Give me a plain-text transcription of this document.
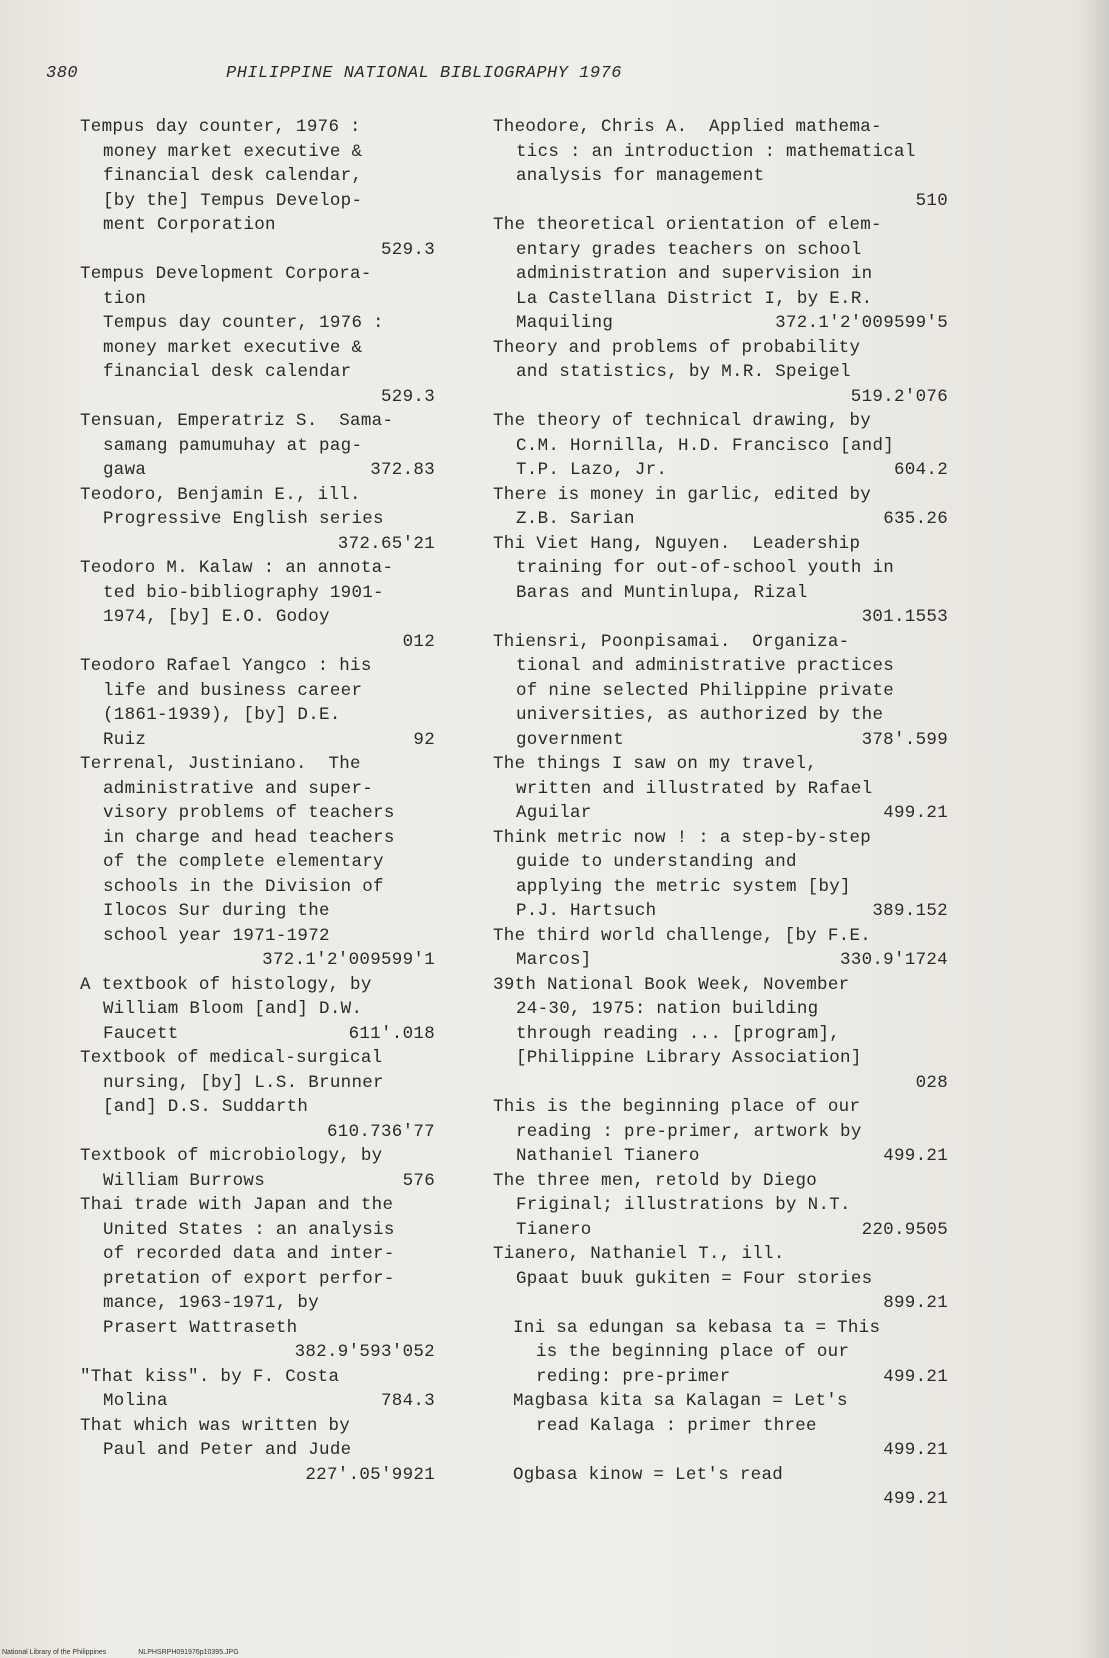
380	PHILIPPINE NATIONAL BIBLIOGRAPHY 1976
Tempus day counter, 1976 :
money market executive &
financial desk calendar,
[by the] Tempus Develop-
ment Corporation
529.3
Tempus Development Corpora-
tion
Tempus day counter, 1976 :
money market executive &
financial desk calendar
529.3
Tensuan, Emperatriz S.  Sama-
samang pamumuhay at pag-
gawa	372.83
Teodoro, Benjamin E., ill.
Progressive English series
372.65'21
Teodoro M. Kalaw : an annota-
ted bio-bibliography 1901-
1974, [by] E.O. Godoy
012
Teodoro Rafael Yangco : his
life and business career
(1861-1939), [by] D.E.
Ruiz	92
Terrenal, Justiniano.  The
administrative and super-
visory problems of teachers
in charge and head teachers
of the complete elementary
schools in the Division of
Ilocos Sur during the
school year 1971-1972
372.1'2'009599'1
A textbook of histology, by
William Bloom [and] D.W.
Faucett	611'.018
Textbook of medical-surgical
nursing, [by] L.S. Brunner
[and] D.S. Suddarth
610.736'77
Textbook of microbiology, by
William Burrows	576
Thai trade with Japan and the
United States : an analysis
of recorded data and inter-
pretation of export perfor-
mance, 1963-1971, by
Prasert Wattraseth
382.9'593'052
"That kiss". by F. Costa
Molina	784.3
That which was written by
Paul and Peter and Jude
227'.05'9921
Theodore, Chris A.  Applied mathema-
tics : an introduction : mathematical
analysis for management
510
The theoretical orientation of elem-
entary grades teachers on school
administration and supervision in
La Castellana District I, by E.R.
Maquiling	372.1'2'009599'5
Theory and problems of probability
and statistics, by M.R. Speigel
519.2'076
The theory of technical drawing, by
C.M. Hornilla, H.D. Francisco [and]
T.P. Lazo, Jr.	604.2
There is money in garlic, edited by
Z.B. Sarian	635.26
Thi Viet Hang, Nguyen.  Leadership
training for out-of-school youth in
Baras and Muntinlupa, Rizal
301.1553
Thiensri, Poonpisamai.  Organiza-
tional and administrative practices
of nine selected Philippine private
universities, as authorized by the
government	378'.599
The things I saw on my travel,
written and illustrated by Rafael
Aguilar	499.21
Think metric now ! : a step-by-step
guide to understanding and
applying the metric system [by]
P.J. Hartsuch	389.152
The third world challenge, [by F.E.
Marcos]	330.9'1724
39th National Book Week, November
24-30, 1975: nation building
through reading ... [program],
[Philippine Library Association]
028
This is the beginning place of our
reading : pre-primer, artwork by
Nathaniel Tianero	499.21
The three men, retold by Diego
Friginal; illustrations by N.T.
Tianero	220.9505
Tianero, Nathaniel T., ill.
Gpaat buuk gukiten = Four stories
899.21
Ini sa edungan sa kebasa ta = This
is the beginning place of our
reding: pre-primer	499.21
Magbasa kita sa Kalagan = Let's
read Kalaga : primer three
499.21
Ogbasa kinow = Let's read
499.21
National Library of the Philippines	NLPHSRPH091976p10395.JPG
